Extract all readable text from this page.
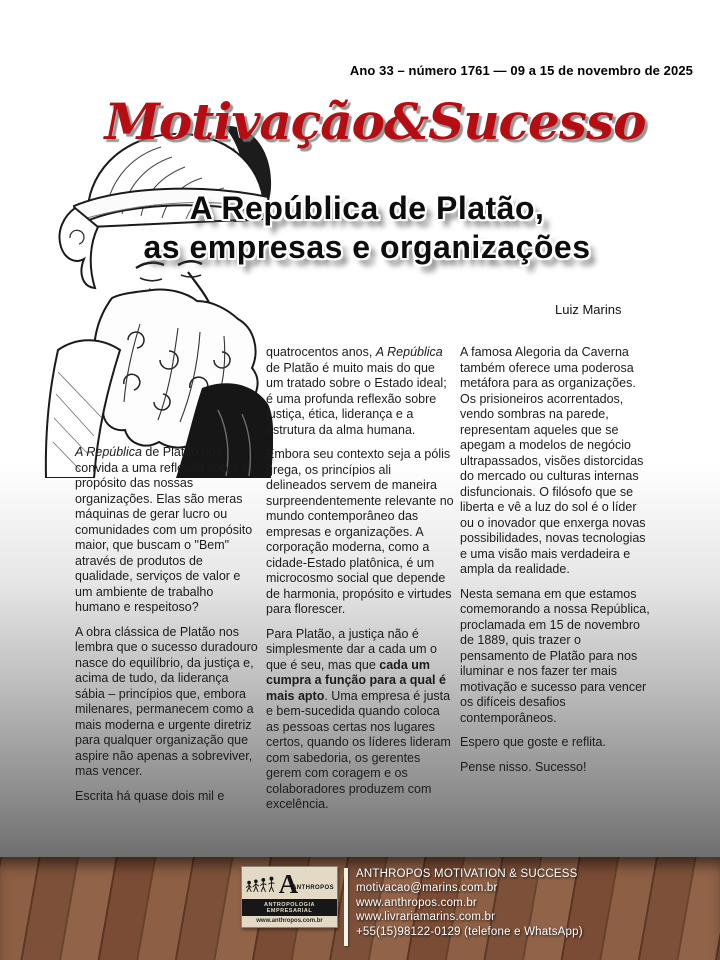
Ano 33 – número 1761 — 09 a 15 de novembro de 2025
Motivação&Sucesso
A República de Platão,
as empresas e organizações
Luiz Marins

A República de Platão nos convida a uma reflexão sobre o propósito das nossas organizações. Elas são meras máquinas de gerar lucro ou comunidades com um propósito maior, que buscam o "Bem" através de produtos de qualidade, serviços de valor e um ambiente de trabalho humano e respeitoso?

A obra clássica de Platão nos lembra que o sucesso duradouro nasce do equilíbrio, da justiça e, acima de tudo, da liderança sábia – princípios que, embora milenares, permanecem como a mais moderna e urgente diretriz para qualquer organização que aspire não apenas a sobreviver, mas vencer.

Escrita há quase dois mil e

quatrocentos anos, A República de Platão é muito mais do que um tratado sobre o Estado ideal; é uma profunda reflexão sobre justiça, ética, liderança e a estrutura da alma humana.

Embora seu contexto seja a pólis grega, os princípios ali delineados servem de maneira surpreendentemente relevante no mundo contemporâneo das empresas e organizações. A corporação moderna, como a cidade-Estado platônica, é um microcosmo social que depende de harmonia, propósito e virtudes para florescer.

Para Platão, a justiça não é simplesmente dar a cada um o que é seu, mas que cada um cumpra a função para a qual é mais apto. Uma empresa é justa e bem-sucedida quando coloca as pessoas certas nos lugares certos, quando os líderes lideram com sabedoria, os gerentes gerem com coragem e os colaboradores produzem com excelência.

A famosa Alegoria da Caverna também oferece uma poderosa metáfora para as organizações. Os prisioneiros acorrentados, vendo sombras na parede, representam aqueles que se apegam a modelos de negócio ultrapassados, visões distorcidas do mercado ou culturas internas disfuncionais. O filósofo que se liberta e vê a luz do sol é o líder ou o inovador que enxerga novas possibilidades, novas tecnologias e uma visão mais verdadeira e ampla da realidade.

Nesta semana em que estamos comemorando a nossa República, proclamada em 15 de novembro de 1889, quis trazer o pensamento de Platão para nos iluminar e nos fazer ter mais motivação e sucesso para vencer os difíceis desafios contemporâneos.

Espero que goste e reflita.

Pense nisso. Sucesso!

A
ANTHROPOS
ANTROPOLOGIA EMPRESARIAL
www.anthropos.com.br
ANTHROPOS MOTIVATION & SUCCESS
motivacao@marins.com.br
www.anthropos.com.br
www.livrariamarins.com.br
+55(15)98122-0129 (telefone e WhatsApp)
